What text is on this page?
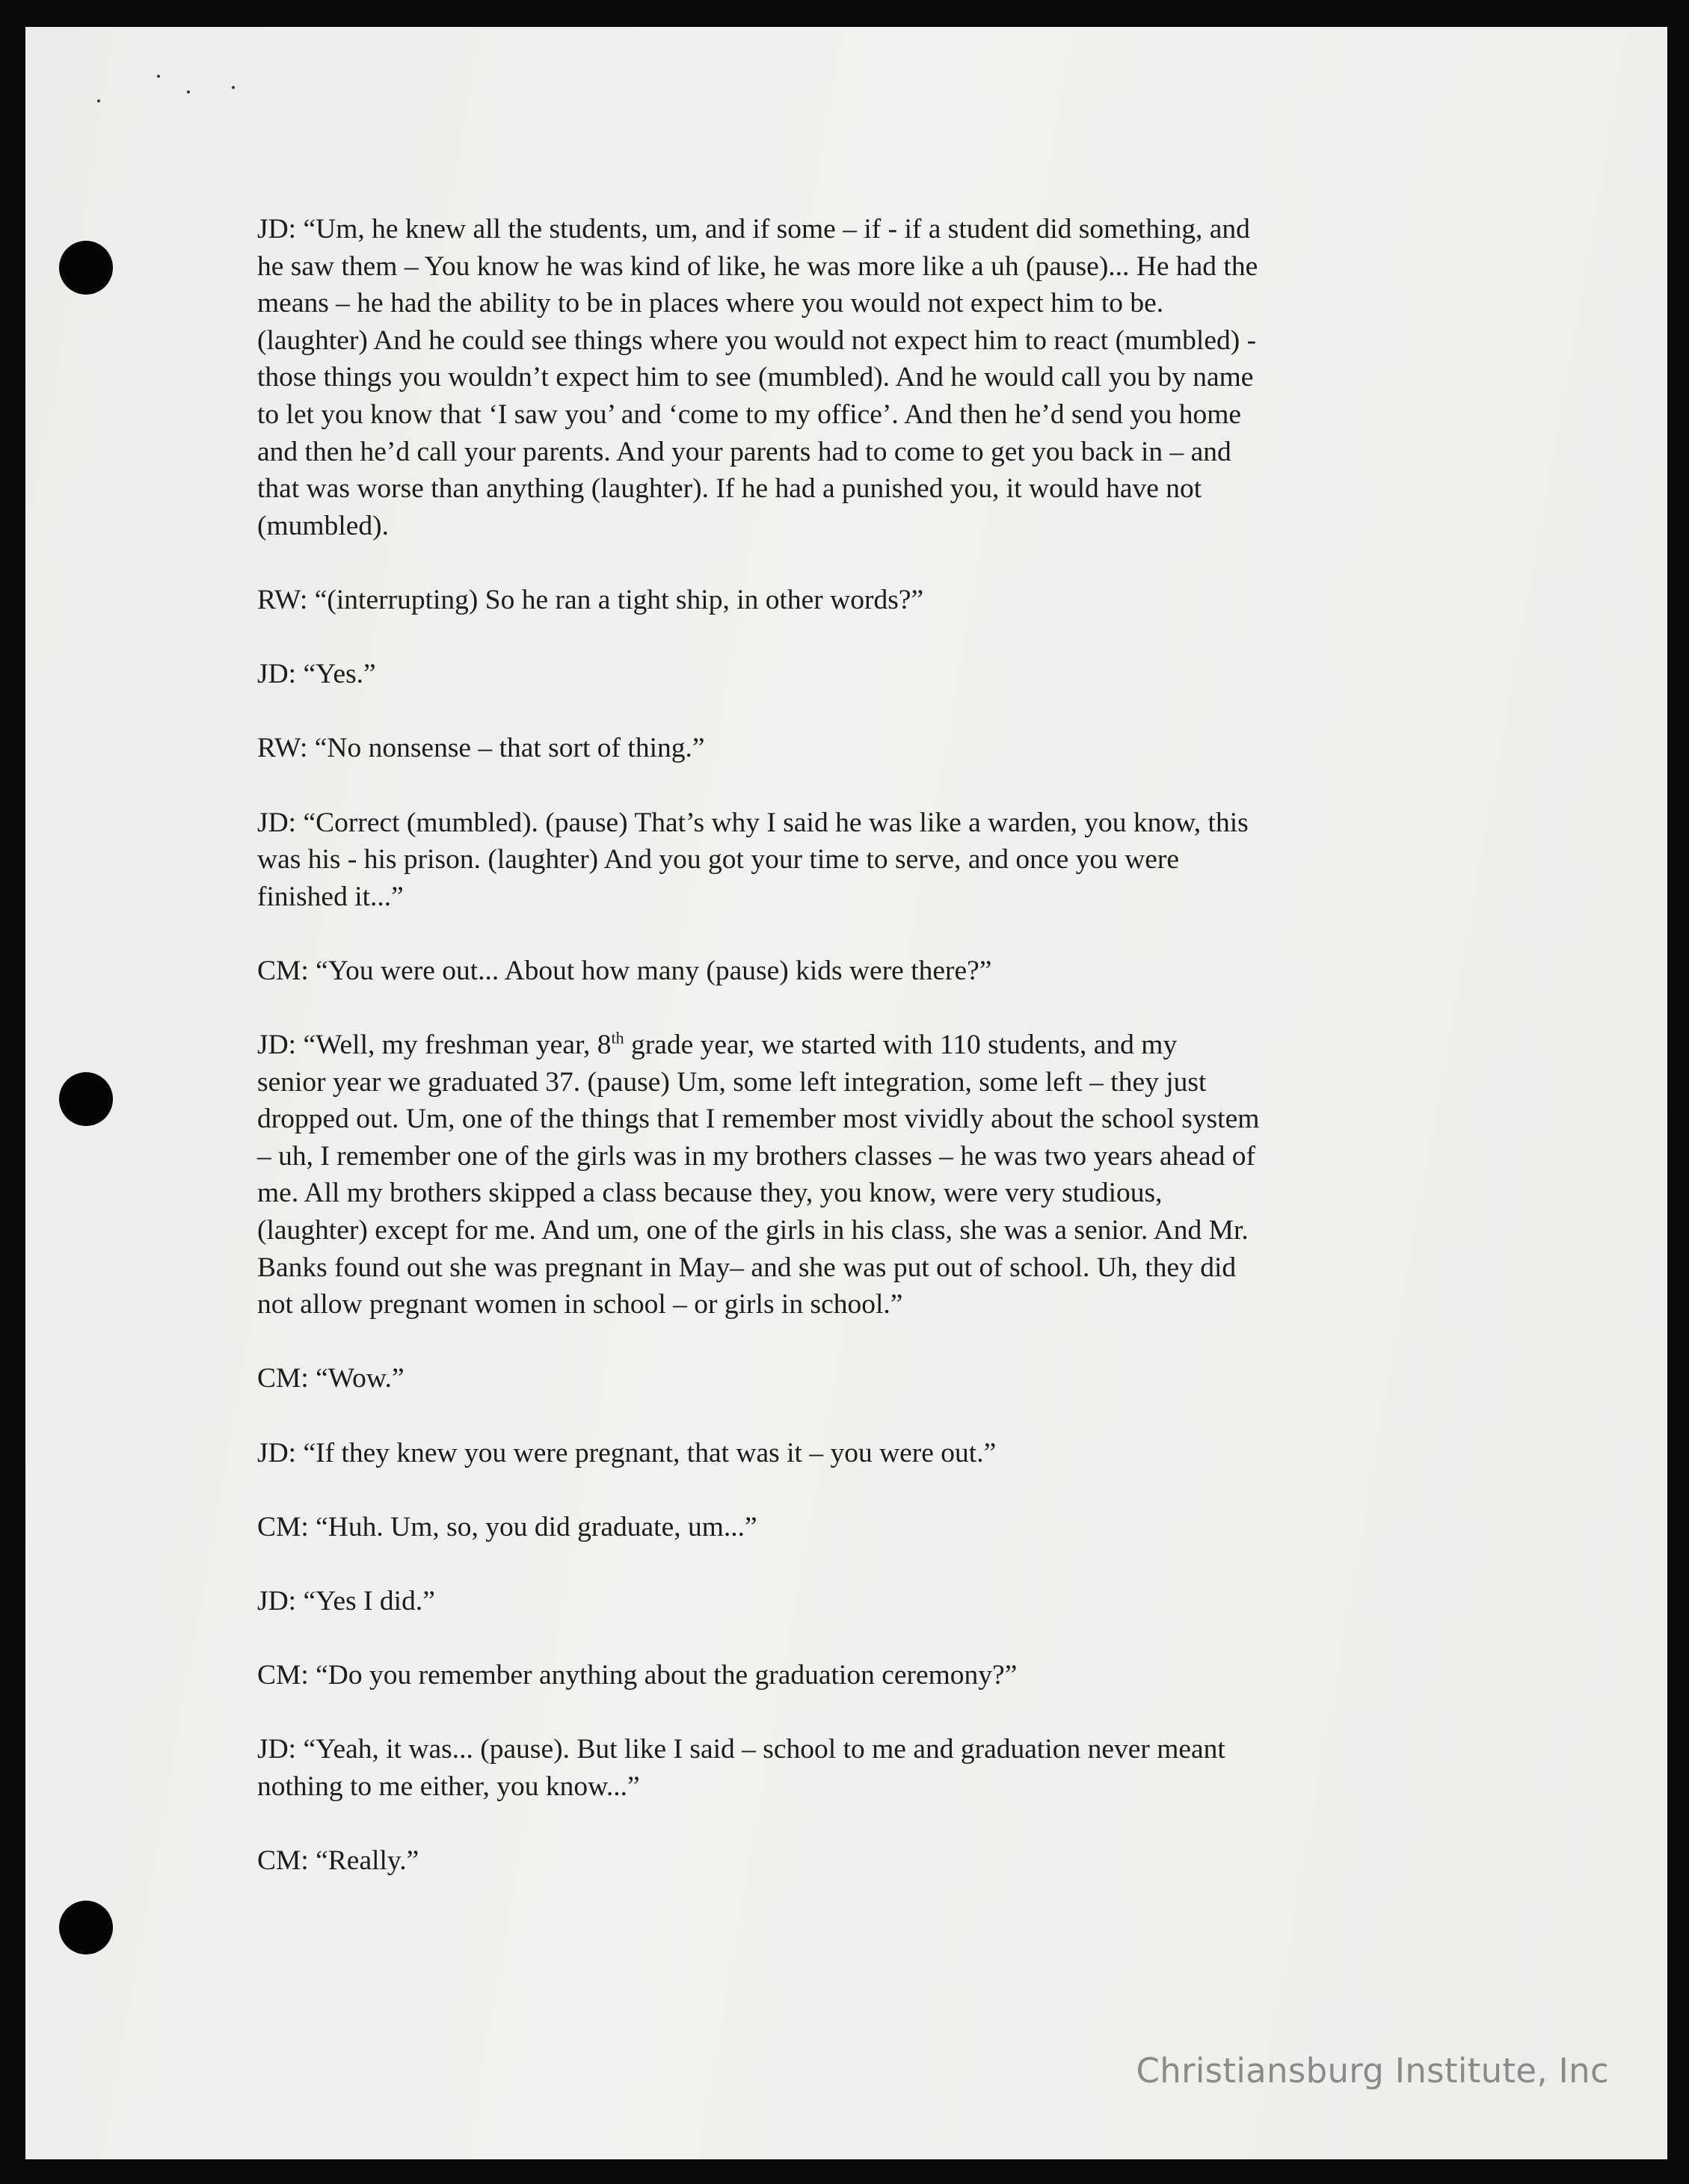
JD: “Um, he knew all the students, um, and if some – if - if a student did something, and
he saw them – You know he was kind of like, he was more like a uh (pause)... He had the
means – he had the ability to be in places where you would not expect him to be.
(laughter) And he could see things where you would not expect him to react (mumbled) -
those things you wouldn’t expect him to see (mumbled). And he would call you by name
to let you know that ‘I saw you’ and ‘come to my office’. And then he’d send you home
and then he’d call your parents. And your parents had to come to get you back in – and
that was worse than anything (laughter). If he had a punished you, it would have not
(mumbled).

RW: “(interrupting) So he ran a tight ship, in other words?”

JD: “Yes.”

RW: “No nonsense – that sort of thing.”

JD: “Correct (mumbled). (pause) That’s why I said he was like a warden, you know, this
was his - his prison. (laughter) And you got your time to serve, and once you were
finished it...”

CM: “You were out... About how many (pause) kids were there?”

JD: “Well, my freshman year, 8th grade year, we started with 110 students, and my
senior year we graduated 37. (pause) Um, some left integration, some left – they just
dropped out. Um, one of the things that I remember most vividly about the school system
– uh, I remember one of the girls was in my brothers classes – he was two years ahead of
me. All my brothers skipped a class because they, you know, were very studious,
(laughter) except for me. And um, one of the girls in his class, she was a senior. And Mr.
Banks found out she was pregnant in May– and she was put out of school. Uh, they did
not allow pregnant women in school – or girls in school.”

CM: “Wow.”

JD: “If they knew you were pregnant, that was it – you were out.”

CM: “Huh. Um, so, you did graduate, um...”

JD: “Yes I did.”

CM: “Do you remember anything about the graduation ceremony?”

JD: “Yeah, it was... (pause). But like I said – school to me and graduation never meant
nothing to me either, you know...”

CM: “Really.”

Christiansburg Institute, Inc
